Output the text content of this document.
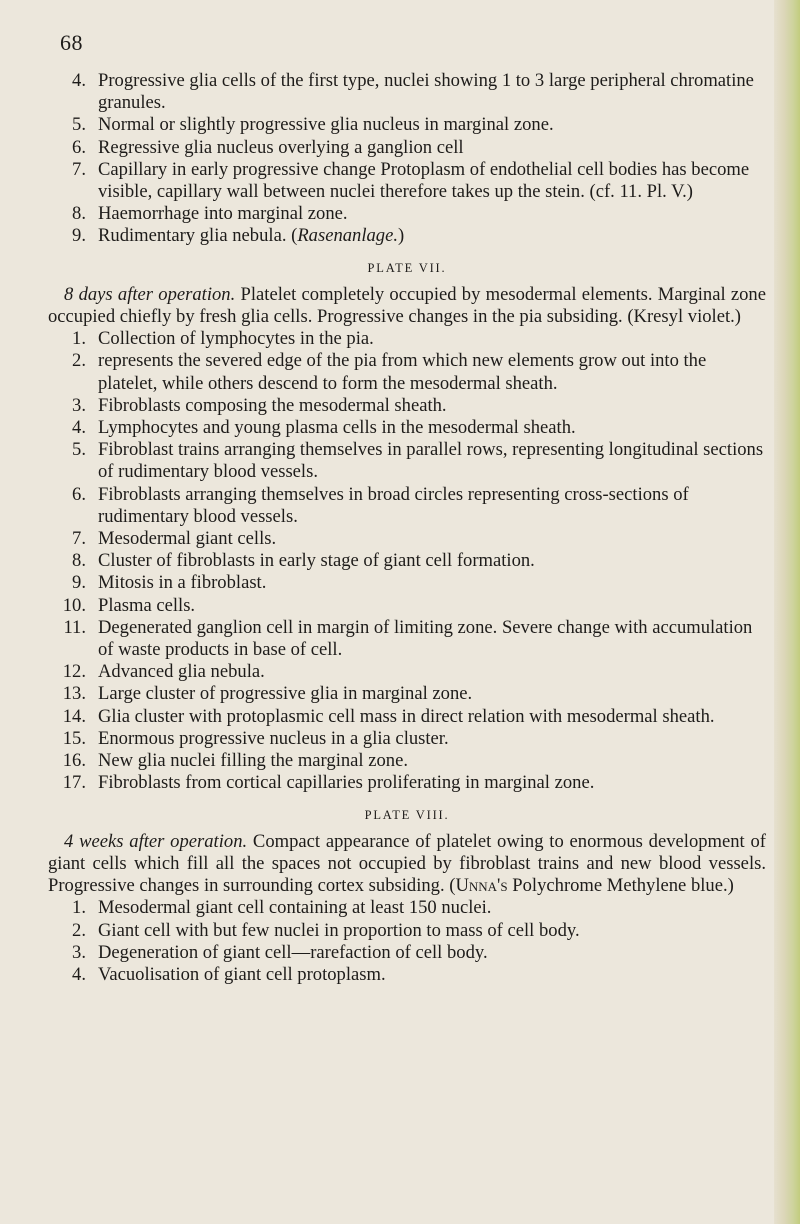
68
4. Progressive glia cells of the first type, nuclei showing 1 to 3 large peripheral chromatine granules.
5. Normal or slightly progressive glia nucleus in marginal zone.
6. Regressive glia nucleus overlying a ganglion cell
7. Capillary in early progressive change Protoplasm of endothelial cell bodies has become visible, capillary wall between nuclei therefore takes up the stein. (cf. 11. Pl. V.)
8. Haemorrhage into marginal zone.
9. Rudimentary glia nebula. (Rasenanlage.)
PLATE VII.

8 days after operation. Platelet completely occupied by mesodermal elements. Marginal zone occupied chiefly by fresh glia cells. Progressive changes in the pia subsiding. (Kresyl violet.)

1. Collection of lymphocytes in the pia.
2. represents the severed edge of the pia from which new elements grow out into the platelet, while others descend to form the mesodermal sheath.
3. Fibroblasts composing the mesodermal sheath.
4. Lymphocytes and young plasma cells in the mesodermal sheath.
5. Fibroblast trains arranging themselves in parallel rows, representing longitudinal sections of rudimentary blood vessels.
6. Fibroblasts arranging themselves in broad circles representing cross-sections of rudimentary blood vessels.
7. Mesodermal giant cells.
8. Cluster of fibroblasts in early stage of giant cell formation.
9. Mitosis in a fibroblast.
10. Plasma cells.
11. Degenerated ganglion cell in margin of limiting zone. Severe change with accumulation of waste products in base of cell.
12. Advanced glia nebula.
13. Large cluster of progressive glia in marginal zone.
14. Glia cluster with protoplasmic cell mass in direct relation with mesodermal sheath.
15. Enormous progressive nucleus in a glia cluster.
16. New glia nuclei filling the marginal zone.
17. Fibroblasts from cortical capillaries proliferating in marginal zone.
PLATE VIII.

4 weeks after operation. Compact appearance of platelet owing to enormous development of giant cells which fill all the spaces not occupied by fibroblast trains and new blood vessels. Progressive changes in surrounding cortex subsiding. (Unna's Polychrome Methylene blue.)

1. Mesodermal giant cell containing at least 150 nuclei.
2. Giant cell with but few nuclei in proportion to mass of cell body.
3. Degeneration of giant cell—rarefaction of cell body.
4. Vacuolisation of giant cell protoplasm.
